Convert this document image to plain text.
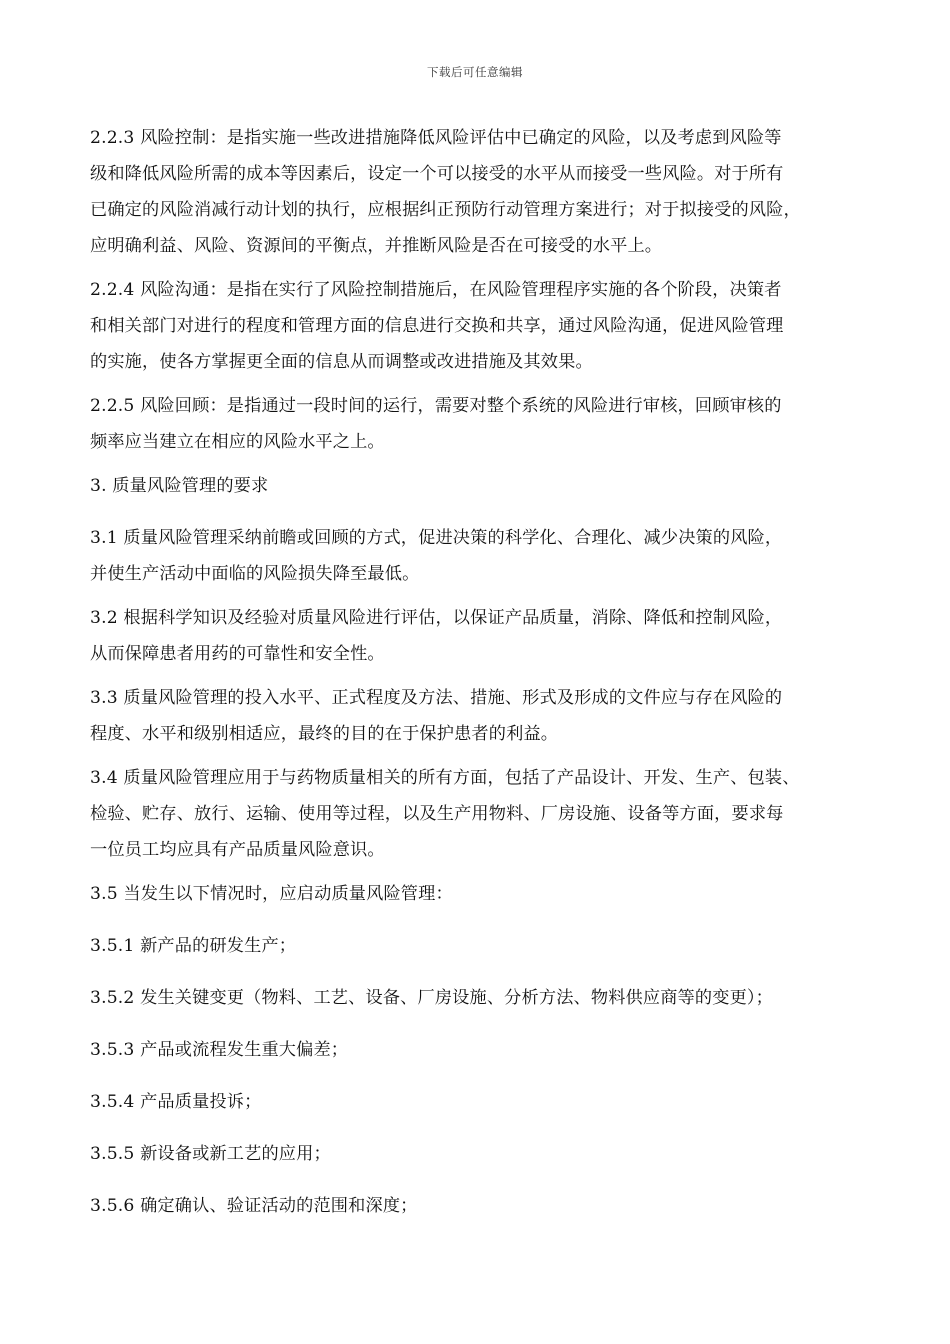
下载后可任意编辑
2.2.3 风险控制：是指实施一些改进措施降低风险评估中已确定的风险，以及考虑到风险等
级和降低风险所需的成本等因素后，设定一个可以接受的水平从而接受一些风险。对于所有
已确定的风险消减行动计划的执行，应根据纠正预防行动管理方案进行；对于拟接受的风险，
应明确利益、风险、资源间的平衡点，并推断风险是否在可接受的水平上。
2.2.4 风险沟通：是指在实行了风险控制措施后，在风险管理程序实施的各个阶段，决策者
和相关部门对进行的程度和管理方面的信息进行交换和共享，通过风险沟通，促进风险管理
的实施，使各方掌握更全面的信息从而调整或改进措施及其效果。
2.2.5 风险回顾：是指通过一段时间的运行，需要对整个系统的风险进行审核，回顾审核的
频率应当建立在相应的风险水平之上。
3. 质量风险管理的要求
3.1 质量风险管理采纳前瞻或回顾的方式，促进决策的科学化、合理化、减少决策的风险，
并使生产活动中面临的风险损失降至最低。
3.2 根据科学知识及经验对质量风险进行评估，以保证产品质量，消除、降低和控制风险，
从而保障患者用药的可靠性和安全性。
3.3 质量风险管理的投入水平、正式程度及方法、措施、形式及形成的文件应与存在风险的
程度、水平和级别相适应，最终的目的在于保护患者的利益。
3.4 质量风险管理应用于与药物质量相关的所有方面，包括了产品设计、开发、生产、包装、
检验、贮存、放行、运输、使用等过程，以及生产用物料、厂房设施、设备等方面，要求每
一位员工均应具有产品质量风险意识。
3.5 当发生以下情况时，应启动质量风险管理：
3.5.1 新产品的研发生产；
3.5.2 发生关键变更（物料、工艺、设备、厂房设施、分析方法、物料供应商等的变更）；
3.5.3 产品或流程发生重大偏差；
3.5.4 产品质量投诉；
3.5.5 新设备或新工艺的应用；
3.5.6 确定确认、验证活动的范围和深度；
